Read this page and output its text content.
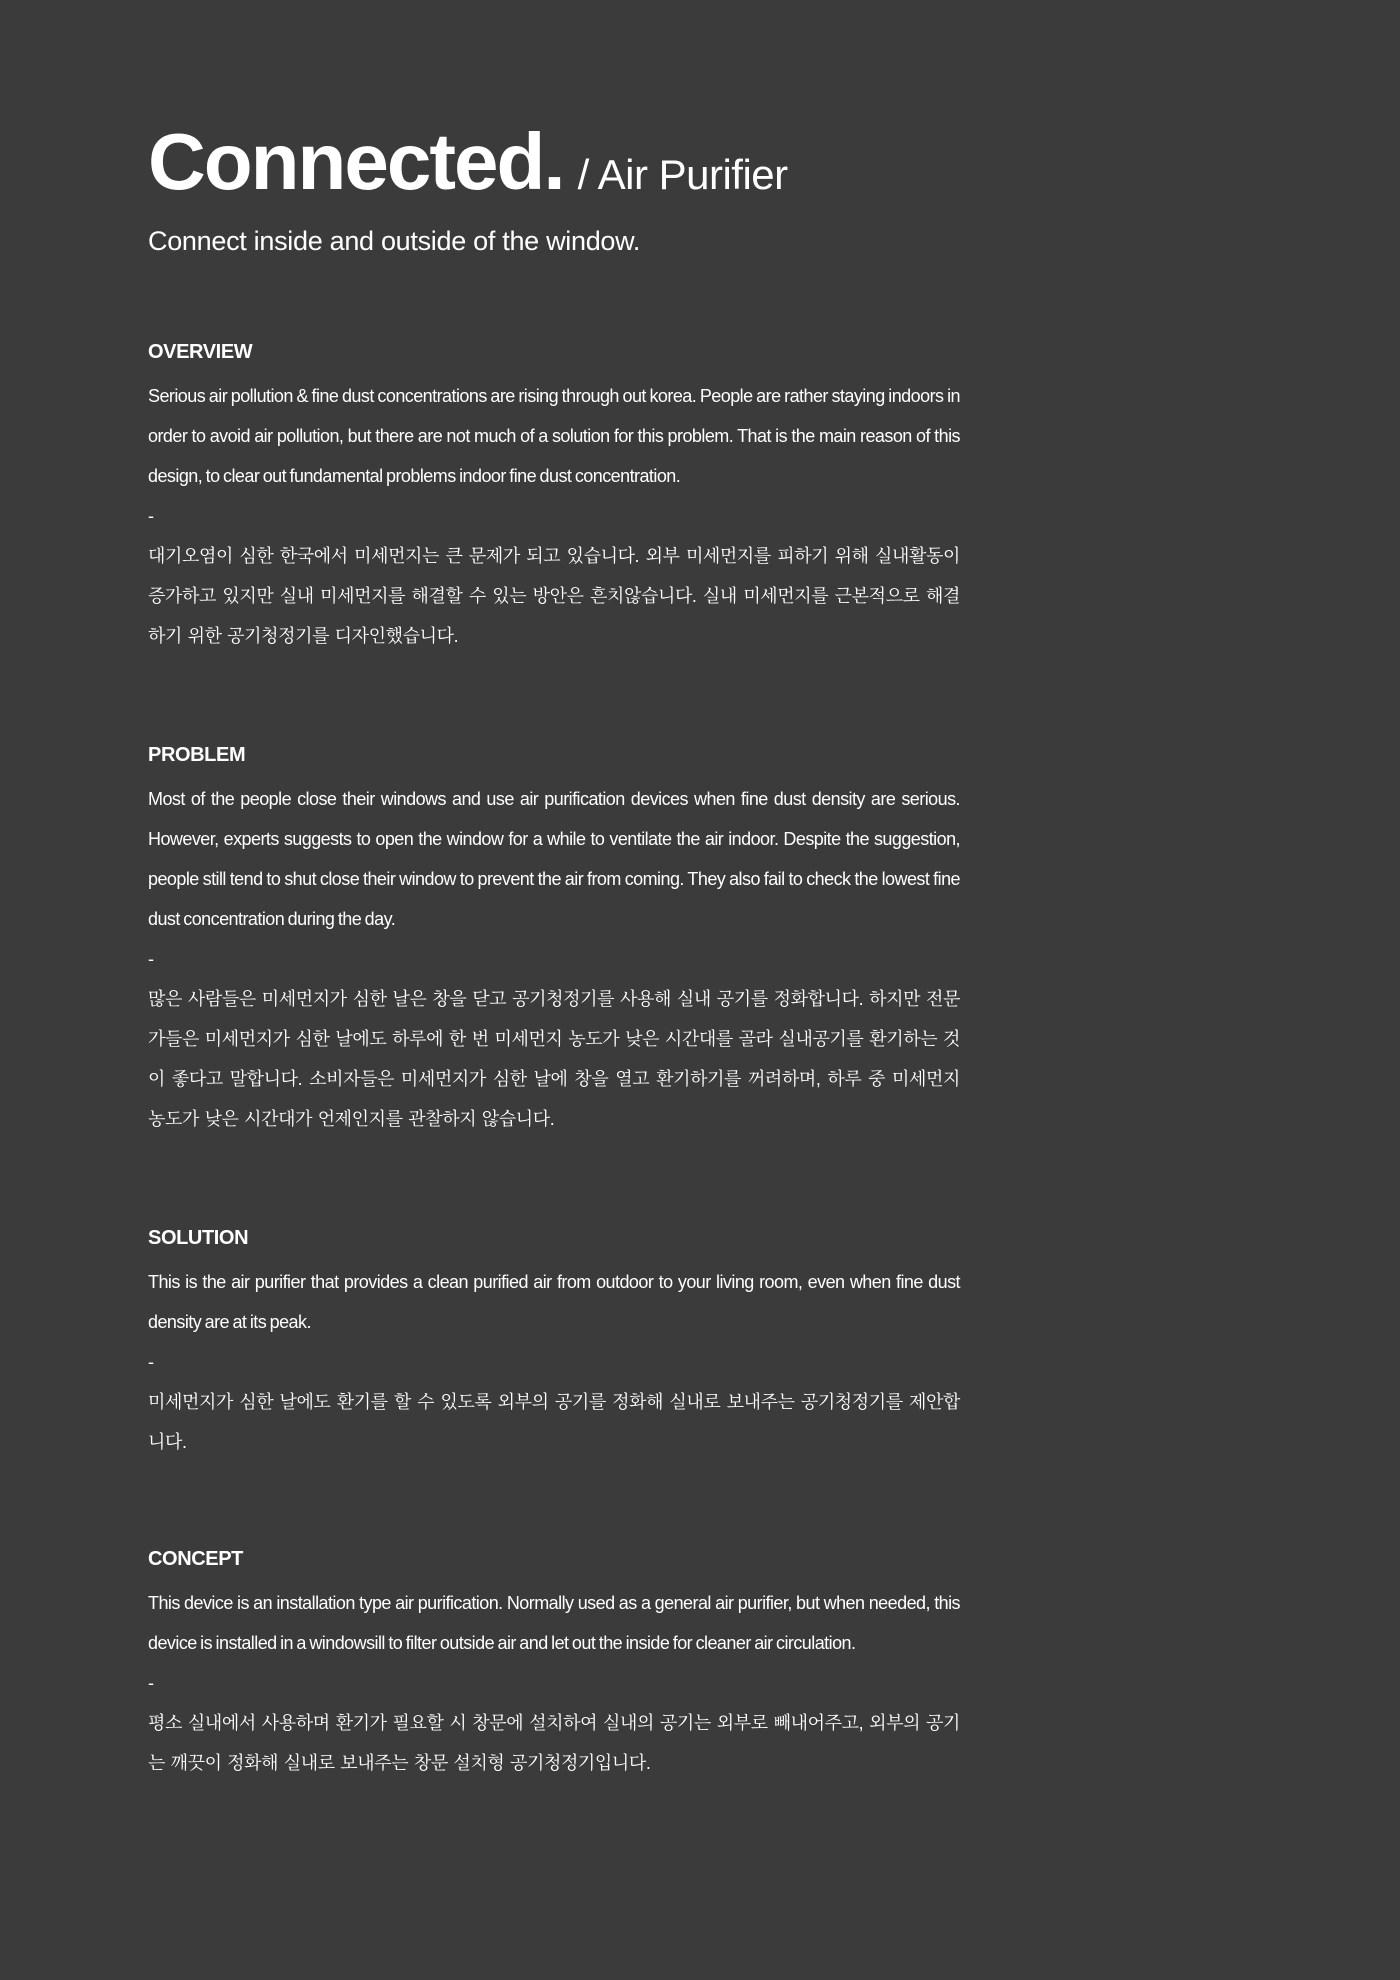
Connected. / Air Purifier
Connect inside and outside of the window.
OVERVIEW
Serious air pollution & fine dust concentrations are rising through out korea. People are rather staying indoors in order to avoid air pollution, but there are not much of a solution for this problem. That is the main reason of this design, to clear out fundamental problems indoor fine dust concentration.
-
대기오염이 심한 한국에서 미세먼지는 큰 문제가 되고 있습니다. 외부 미세먼지를 피하기 위해 실내활동이 증가하고 있지만 실내 미세먼지를 해결할 수 있는 방안은 흔치않습니다. 실내 미세먼지를 근본적으로 해결하기 위한 공기청정기를 디자인했습니다.
PROBLEM
Most of the people close their windows and use air purification devices when fine dust density are serious. However, experts suggests to open the window for a while to ventilate the air indoor. Despite the suggestion, people still tend to shut close their window to prevent the air from coming. They also fail to check the lowest fine dust concentration during the day.
-
많은 사람들은 미세먼지가 심한 날은 창을 닫고 공기청정기를 사용해 실내 공기를 정화합니다. 하지만 전문가들은 미세먼지가 심한 날에도 하루에 한 번 미세먼지 농도가 낮은 시간대를 골라 실내공기를 환기하는 것이 좋다고 말합니다. 소비자들은 미세먼지가 심한 날에 창을 열고 환기하기를 꺼려하며, 하루 중 미세먼지 농도가 낮은 시간대가 언제인지를 관찰하지 않습니다.
SOLUTION
This is the air purifier that provides a clean purified air from outdoor to your living room, even when fine dust density are at its peak.
-
미세먼지가 심한 날에도 환기를 할 수 있도록 외부의 공기를 정화해 실내로 보내주는 공기청정기를 제안합니다.
CONCEPT
This device is an installation type air purification. Normally used as a general air purifier, but when needed, this device is installed in a windowsill to filter outside air and let out the inside for cleaner air circulation.
-
평소 실내에서 사용하며 환기가 필요할 시 창문에 설치하여 실내의 공기는 외부로 빼내어주고, 외부의 공기는 깨끗이 정화해 실내로 보내주는 창문 설치형 공기청정기입니다.
